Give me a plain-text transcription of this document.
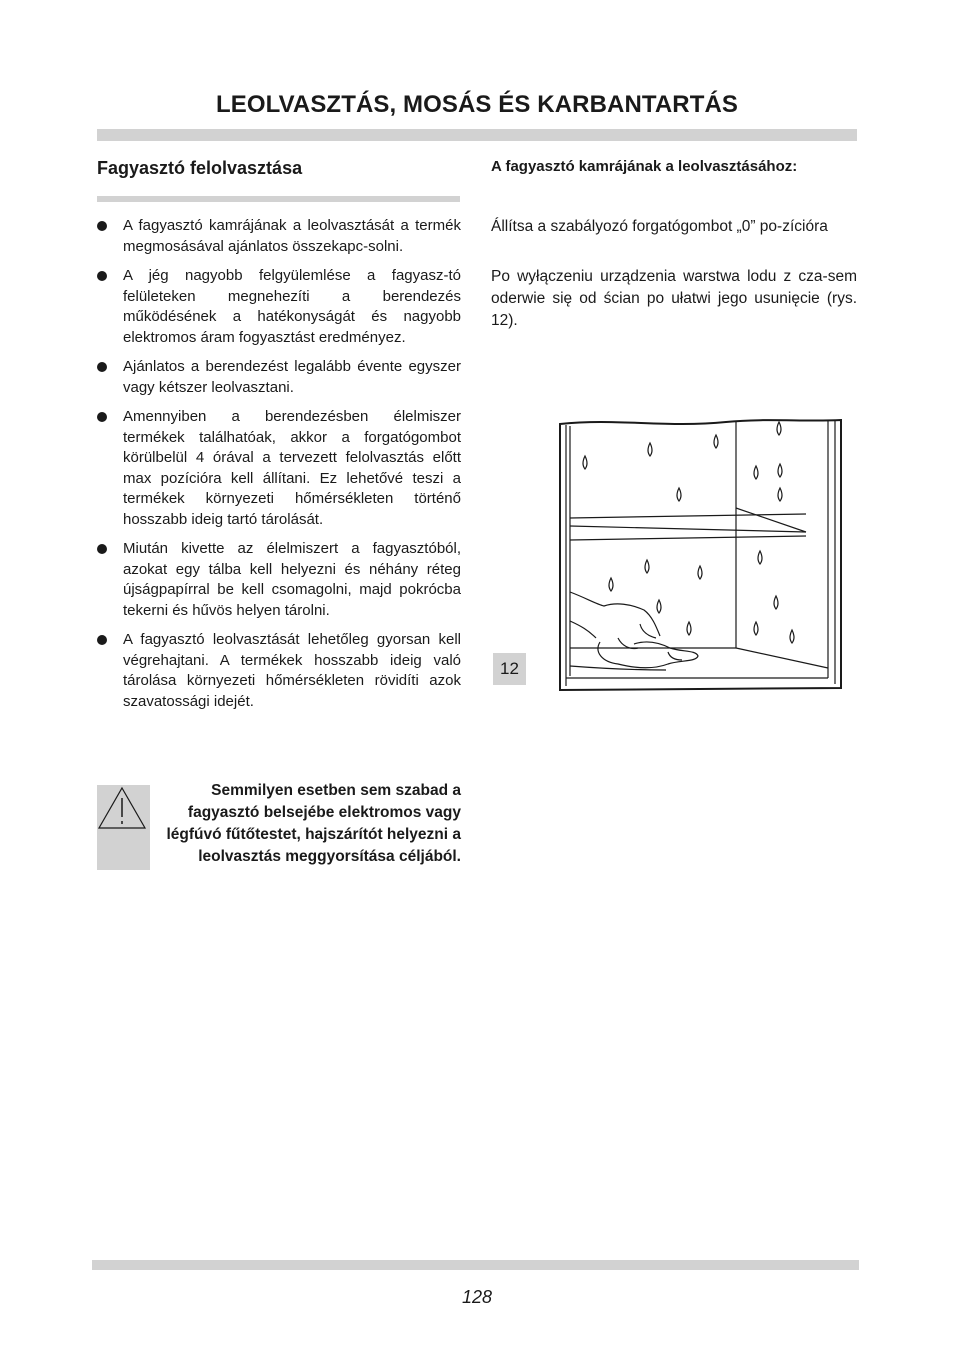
LEOLVASZTÁS, MOSÁS ÉS KARBANTARTÁS
Fagyasztó felolvasztása
A fagyasztó kamrájának a leolvasztását a termék megmosásával ajánlatos összekapc-solni.
A jég nagyobb felgyülemlése a fagyasz-tó felületeken megnehezíti a berendezés működésének a hatékonyságát és nagyobb elektromos áram fogyasztást eredményez.
Ajánlatos a berendezést legalább évente egyszer vagy kétszer leolvasztani.
Amennyiben a berendezésben élelmiszer termékek találhatóak, akkor a forgatógombot körülbelül 4 órával a tervezett felolvasztás előtt max pozícióra kell állítani. Ez lehetővé teszi a termékek környezeti hőmérsékleten történő hosszabb ideig tartó tárolását.
Miután kivette az élelmiszert a fagyasztóból, azokat egy tálba kell helyezni és néhány réteg újságpapírral be kell csomagolni, majd pokrócba tekerni és hűvös helyen tárolni.
A fagyasztó leolvasztását lehetőleg gyorsan kell végrehajtani. A termékek hosszabb ideig való tárolása környezeti hőmérsékleten rövidíti azok szavatossági idejét.
Semmilyen esetben sem szabad a fagyasztó belsejébe elektromos vagy légfúvó fűtőtestet, hajszárítót helyezni a leolvasztás meggyorsítása céljából.
A fagyasztó kamrájának a leolvasztásához:
Állítsa a szabályozó forgatógombot „0” po-zícióra
Po wyłączeniu urządzenia warstwa lodu z cza-sem oderwie się od ścian po ułatwi jego usunięcie (rys. 12).
12
128
